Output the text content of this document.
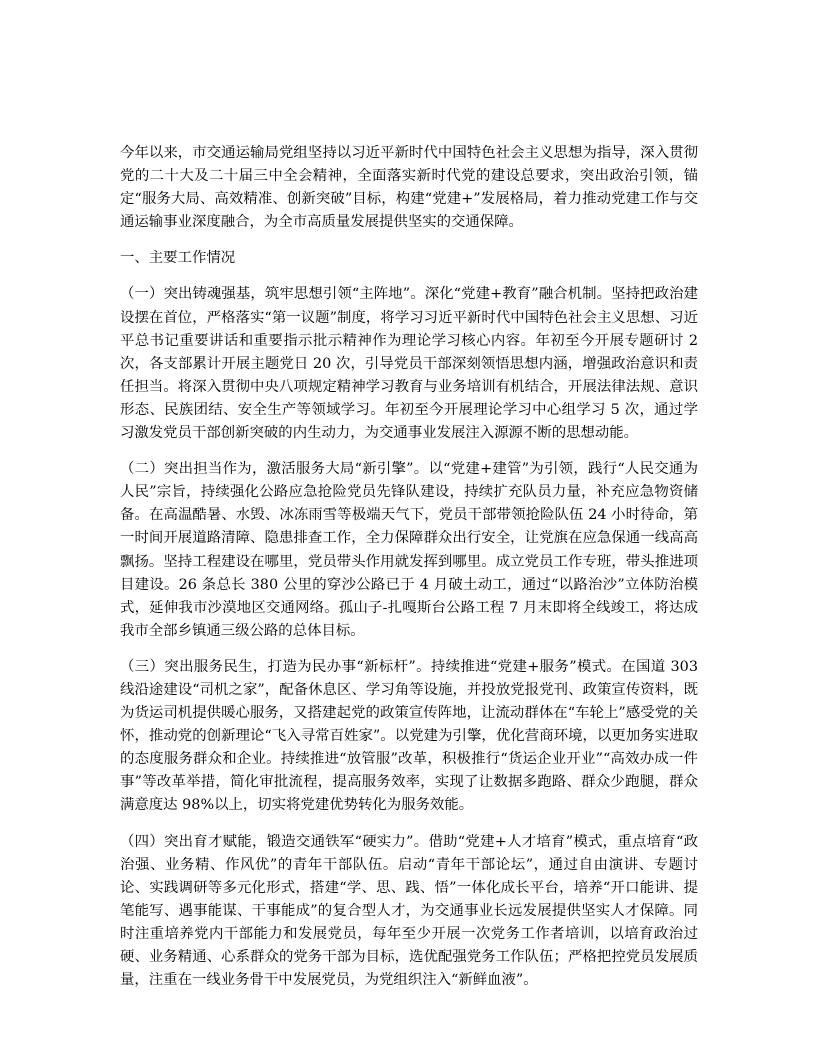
今年以来，市交通运输局党组坚持以习近平新时代中国特色社会主义思想为指导，深入贯彻党的二十大及二十届三中全会精神，全面落实新时代党的建设总要求，突出政治引领，锚定“服务大局、高效精准、创新突破”目标，构建“党建+”发展格局，着力推动党建工作与交通运输事业深度融合，为全市高质量发展提供坚实的交通保障。

一、主要工作情况

（一）突出铸魂强基，筑牢思想引领“主阵地”。深化“党建+教育”融合机制。坚持把政治建设摆在首位，严格落实“第一议题”制度，将学习习近平新时代中国特色社会主义思想、习近平总书记重要讲话和重要指示批示精神作为理论学习核心内容。年初至今开展专题研讨 2 次，各支部累计开展主题党日 20 次，引导党员干部深刻领悟思想内涵，增强政治意识和责任担当。将深入贯彻中央八项规定精神学习教育与业务培训有机结合，开展法律法规、意识形态、民族团结、安全生产等领域学习。年初至今开展理论学习中心组学习 5 次，通过学习激发党员干部创新突破的内生动力，为交通事业发展注入源源不断的思想动能。

（二）突出担当作为，激活服务大局“新引擎”。以“党建+建管”为引领，践行“人民交通为人民”宗旨，持续强化公路应急抢险党员先锋队建设，持续扩充队员力量，补充应急物资储备。在高温酷暑、水毁、冰冻雨雪等极端天气下，党员干部带领抢险队伍 24 小时待命，第一时间开展道路清障、隐患排查工作，全力保障群众出行安全，让党旗在应急保通一线高高飘扬。坚持工程建设在哪里，党员带头作用就发挥到哪里。成立党员工作专班，带头推进项目建设。26 条总长 380 公里的穿沙公路已于 4 月破土动工，通过“以路治沙”立体防治模式，延伸我市沙漠地区交通网络。孤山子-扎嘎斯台公路工程 7 月末即将全线竣工，将达成我市全部乡镇通三级公路的总体目标。

（三）突出服务民生，打造为民办事“新标杆”。持续推进“党建+服务”模式。在国道 303 线沿途建设“司机之家”，配备休息区、学习角等设施，并投放党报党刊、政策宣传资料，既为货运司机提供暖心服务，又搭建起党的政策宣传阵地，让流动群体在“车轮上”感受党的关怀，推动党的创新理论“飞入寻常百姓家”。以党建为引擎，优化营商环境，以更加务实进取的态度服务群众和企业。持续推进“放管服”改革，积极推行“货运企业开业”“高效办成一件事”等改革举措，简化审批流程，提高服务效率，实现了让数据多跑路、群众少跑腿，群众满意度达 98%以上，切实将党建优势转化为服务效能。

（四）突出育才赋能，锻造交通铁军“硬实力”。借助“党建+人才培育”模式，重点培育“政治强、业务精、作风优”的青年干部队伍。启动“青年干部论坛”，通过自由演讲、专题讨论、实践调研等多元化形式，搭建“学、思、践、悟”一体化成长平台，培养“开口能讲、提笔能写、遇事能谋、干事能成”的复合型人才，为交通事业长远发展提供坚实人才保障。同时注重培养党内干部能力和发展党员，每年至少开展一次党务工作者培训，以培育政治过硬、业务精通、心系群众的党务干部为目标，选优配强党务工作队伍；严格把控党员发展质量，注重在一线业务骨干中发展党员，为党组织注入“新鲜血液”。
